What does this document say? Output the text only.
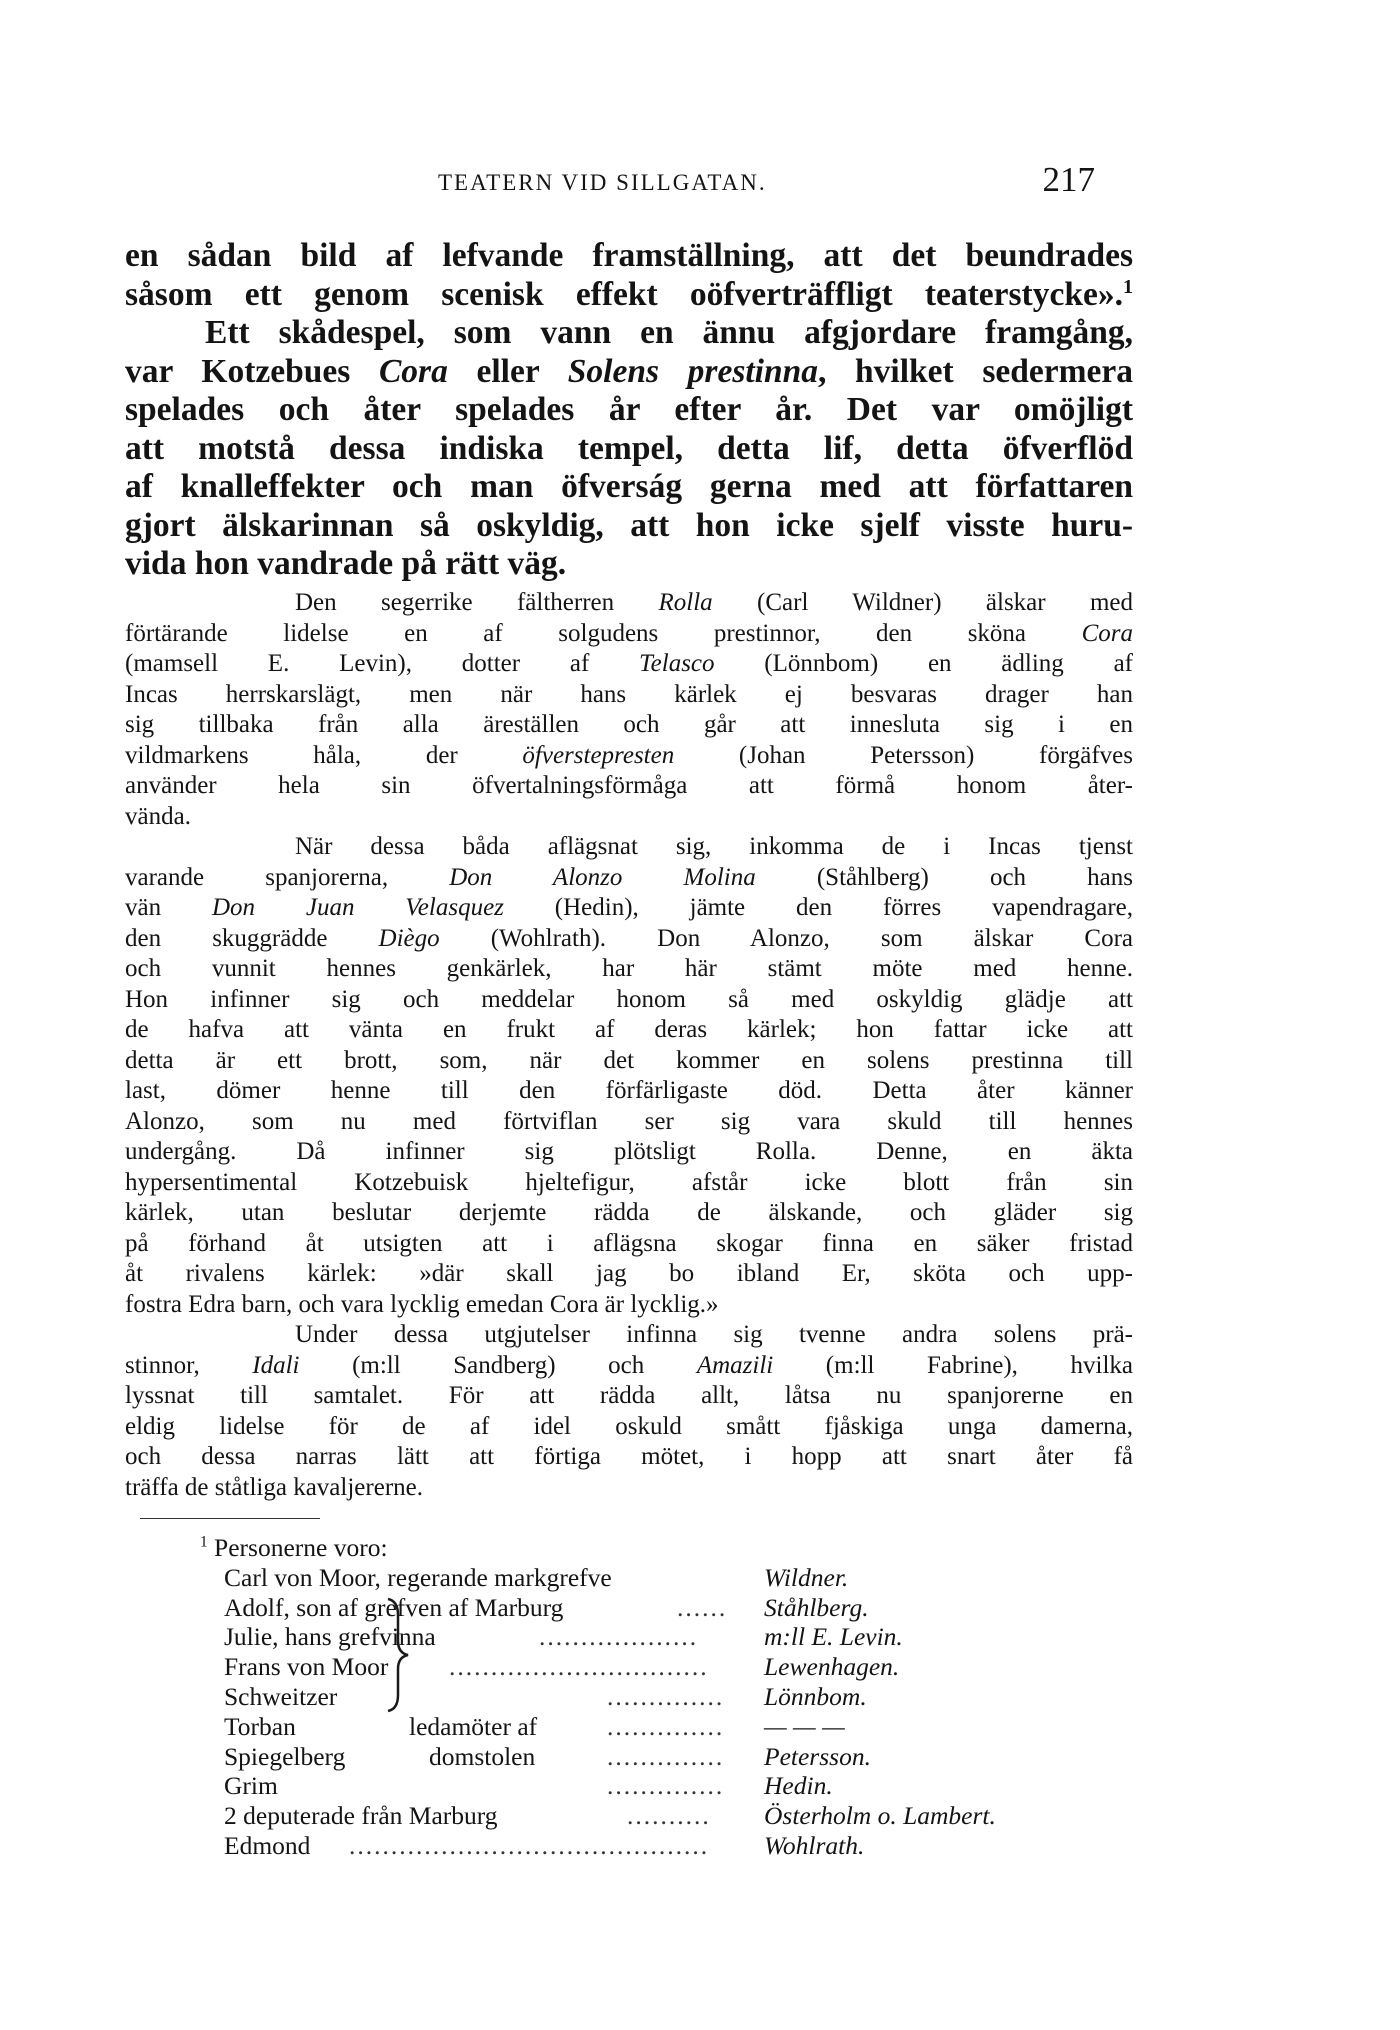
TEATERN VID SILLGATAN.	217
en sådan bild af lefvande framställning, att det beundrades
såsom ett genom scenisk effekt oöfverträffligt teaterstycke».$^1$
Ett skådespel, som vann en ännu afgjordare framgång,
var Kotzebues Cora eller Solens prestinna, hvilket sedermera
spelades och åter spelades år efter år. Det var omöjligt
att motstå dessa indiska tempel, detta lif, detta öfverflöd
af knalleffekter och man öfverság gerna med att författaren
gjort älskarinnan så oskyldig, att hon icke sjelf visste huru-
vida hon vandrade på rätt väg.
Den segerrike fältherren Rolla (Carl Wildner) älskar med
förtärande lidelse en af solgudens prestinnor, den sköna Cora
(mamsell E. Levin), dotter af Telasco (Lönnbom) en ädling af
Incas herrskarslägt, men när hans kärlek ej besvaras drager han
sig tillbaka från alla äreställen och går att innesluta sig i en
vildmarkens håla, der öfverstepresten (Johan Petersson) förgäfves
använder hela sin öfvertalningsförmåga att förmå honom åter-
vända.
När dessa båda aflägsnat sig, inkomma de i Incas tjenst
varande spanjorerna, Don Alonzo Molina (Ståhlberg) och hans
vän Don Juan Velasquez (Hedin), jämte den förres vapendragare,
den skuggrädde Diègo (Wohlrath). Don Alonzo, som älskar Cora
och vunnit hennes genkärlek, har här stämt möte med henne.
Hon infinner sig och meddelar honom så med oskyldig glädje att
de hafva att vänta en frukt af deras kärlek; hon fattar icke att
detta är ett brott, som, när det kommer en solens prestinna till
last, dömer henne till den förfärligaste död. Detta åter känner
Alonzo, som nu med förtviflan ser sig vara skuld till hennes
undergång. Då infinner sig plötsligt Rolla. Denne, en äkta
hypersentimental Kotzebuisk hjeltefigur, afstår icke blott från sin
kärlek, utan beslutar derjemte rädda de älskande, och gläder sig
på förhand åt utsigten att i aflägsna skogar finna en säker fristad
åt rivalens kärlek: »där skall jag bo ibland Er, sköta och upp-
fostra Edra barn, och vara lycklig emedan Cora är lycklig.»
Under dessa utgjutelser infinna sig tvenne andra solens prä-
stinnor, Idali (m:ll Sandberg) och Amazili (m:ll Fabrine), hvilka
lyssnat till samtalet. För att rädda allt, låtsa nu spanjorerne en
eldig lidelse för de af idel oskuld smått fjåskiga unga damerna,
och dessa narras lätt att förtiga mötet, i hopp att snart åter få
träffa de ståtliga kavaljererne.
$^1$ Personerne voro:
Carl von Moor, regerande markgrefve	Wildner.
Adolf, son af grefven af Marburg	...... Ståhlberg.
Julie, hans grefvinna	...................	m:ll E. Levin.
Frans von Moor ............................... Lewenhagen.
Schweitzer	.............. Lönnbom.
Torban	ledamöter af	.............. — — —
Spiegelberg	domstolen	.............. Petersson.
Grim	.............. Hedin.
2 deputerade från Marburg	.......... Österholm o. Lambert.
Edmond ........................................... Wohlrath.
